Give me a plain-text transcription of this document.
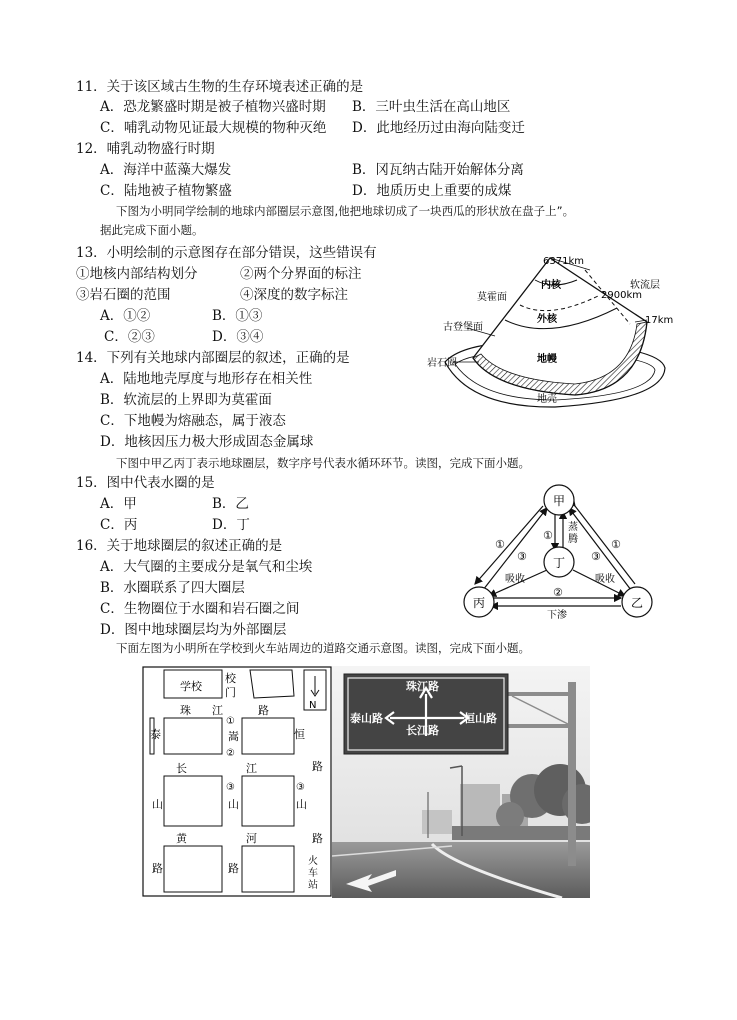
11．关于该区域古生物的生存环境表述正确的是
A．恐龙繁盛时期是被子植物兴盛时期 B．三叶虫生活在高山地区
C．哺乳动物见证最大规模的物种灭绝 D．此地经历过由海向陆变迁
12．哺乳动物盛行时期
A．海洋中蓝藻大爆发	B．冈瓦纳古陆开始解体分离
C．陆地被子植物繁盛	D．地质历史上重要的成煤
下图为小明同学绘制的地球内部圈层示意图,他把地球切成了一块西瓜的形状放在盘子上”。
据此完成下面小题。
13．小明绘制的示意图存在部分错误，这些错误有
①地核内部结构划分	②两个分界面的标注
③岩石圈的范围	④深度的数字标注
A．①②	B．①③
C．②③	D．③④
14．下列有关地球内部圈层的叙述，正确的是
A．陆地地壳厚度与地形存在相关性
B．软流层的上界即为莫霍面
C．下地幔为熔融态，属于液态
D．地核因压力极大形成固态金属球
6371km
内核	软流层
莫霍面	2900km
外核	17km
古登堡面
地幔
岩石圈
地壳
下图中甲乙丙丁表示地球圈层，数字序号代表水循环环节。读图，完成下面小题。
15．图中代表水圈的是
A．甲	B．乙
C．丙	D．丁
16．关于地球圈层的叙述正确的是
A．大气圈的主要成分是氧气和尘埃
B．水圈联系了四大圈层
C．生物圈位于水圈和岩石圈之间
D．图中地球圈层均为外部圈层
甲
丁
丙	乙
①
③
①
③
①
②
蒸
腾
吸收	吸收
下渗
下面左图为小明所在学校到火车站周边的道路交通示意图。读图，完成下面小题。
学校
校
门
N
珠 江	路
①
嵩
②
泰	恒
长	江	路
③
山
山
③
山
黄	河	路
路	路
火
车
站
珠江路
泰山路
长江路
恒山路
